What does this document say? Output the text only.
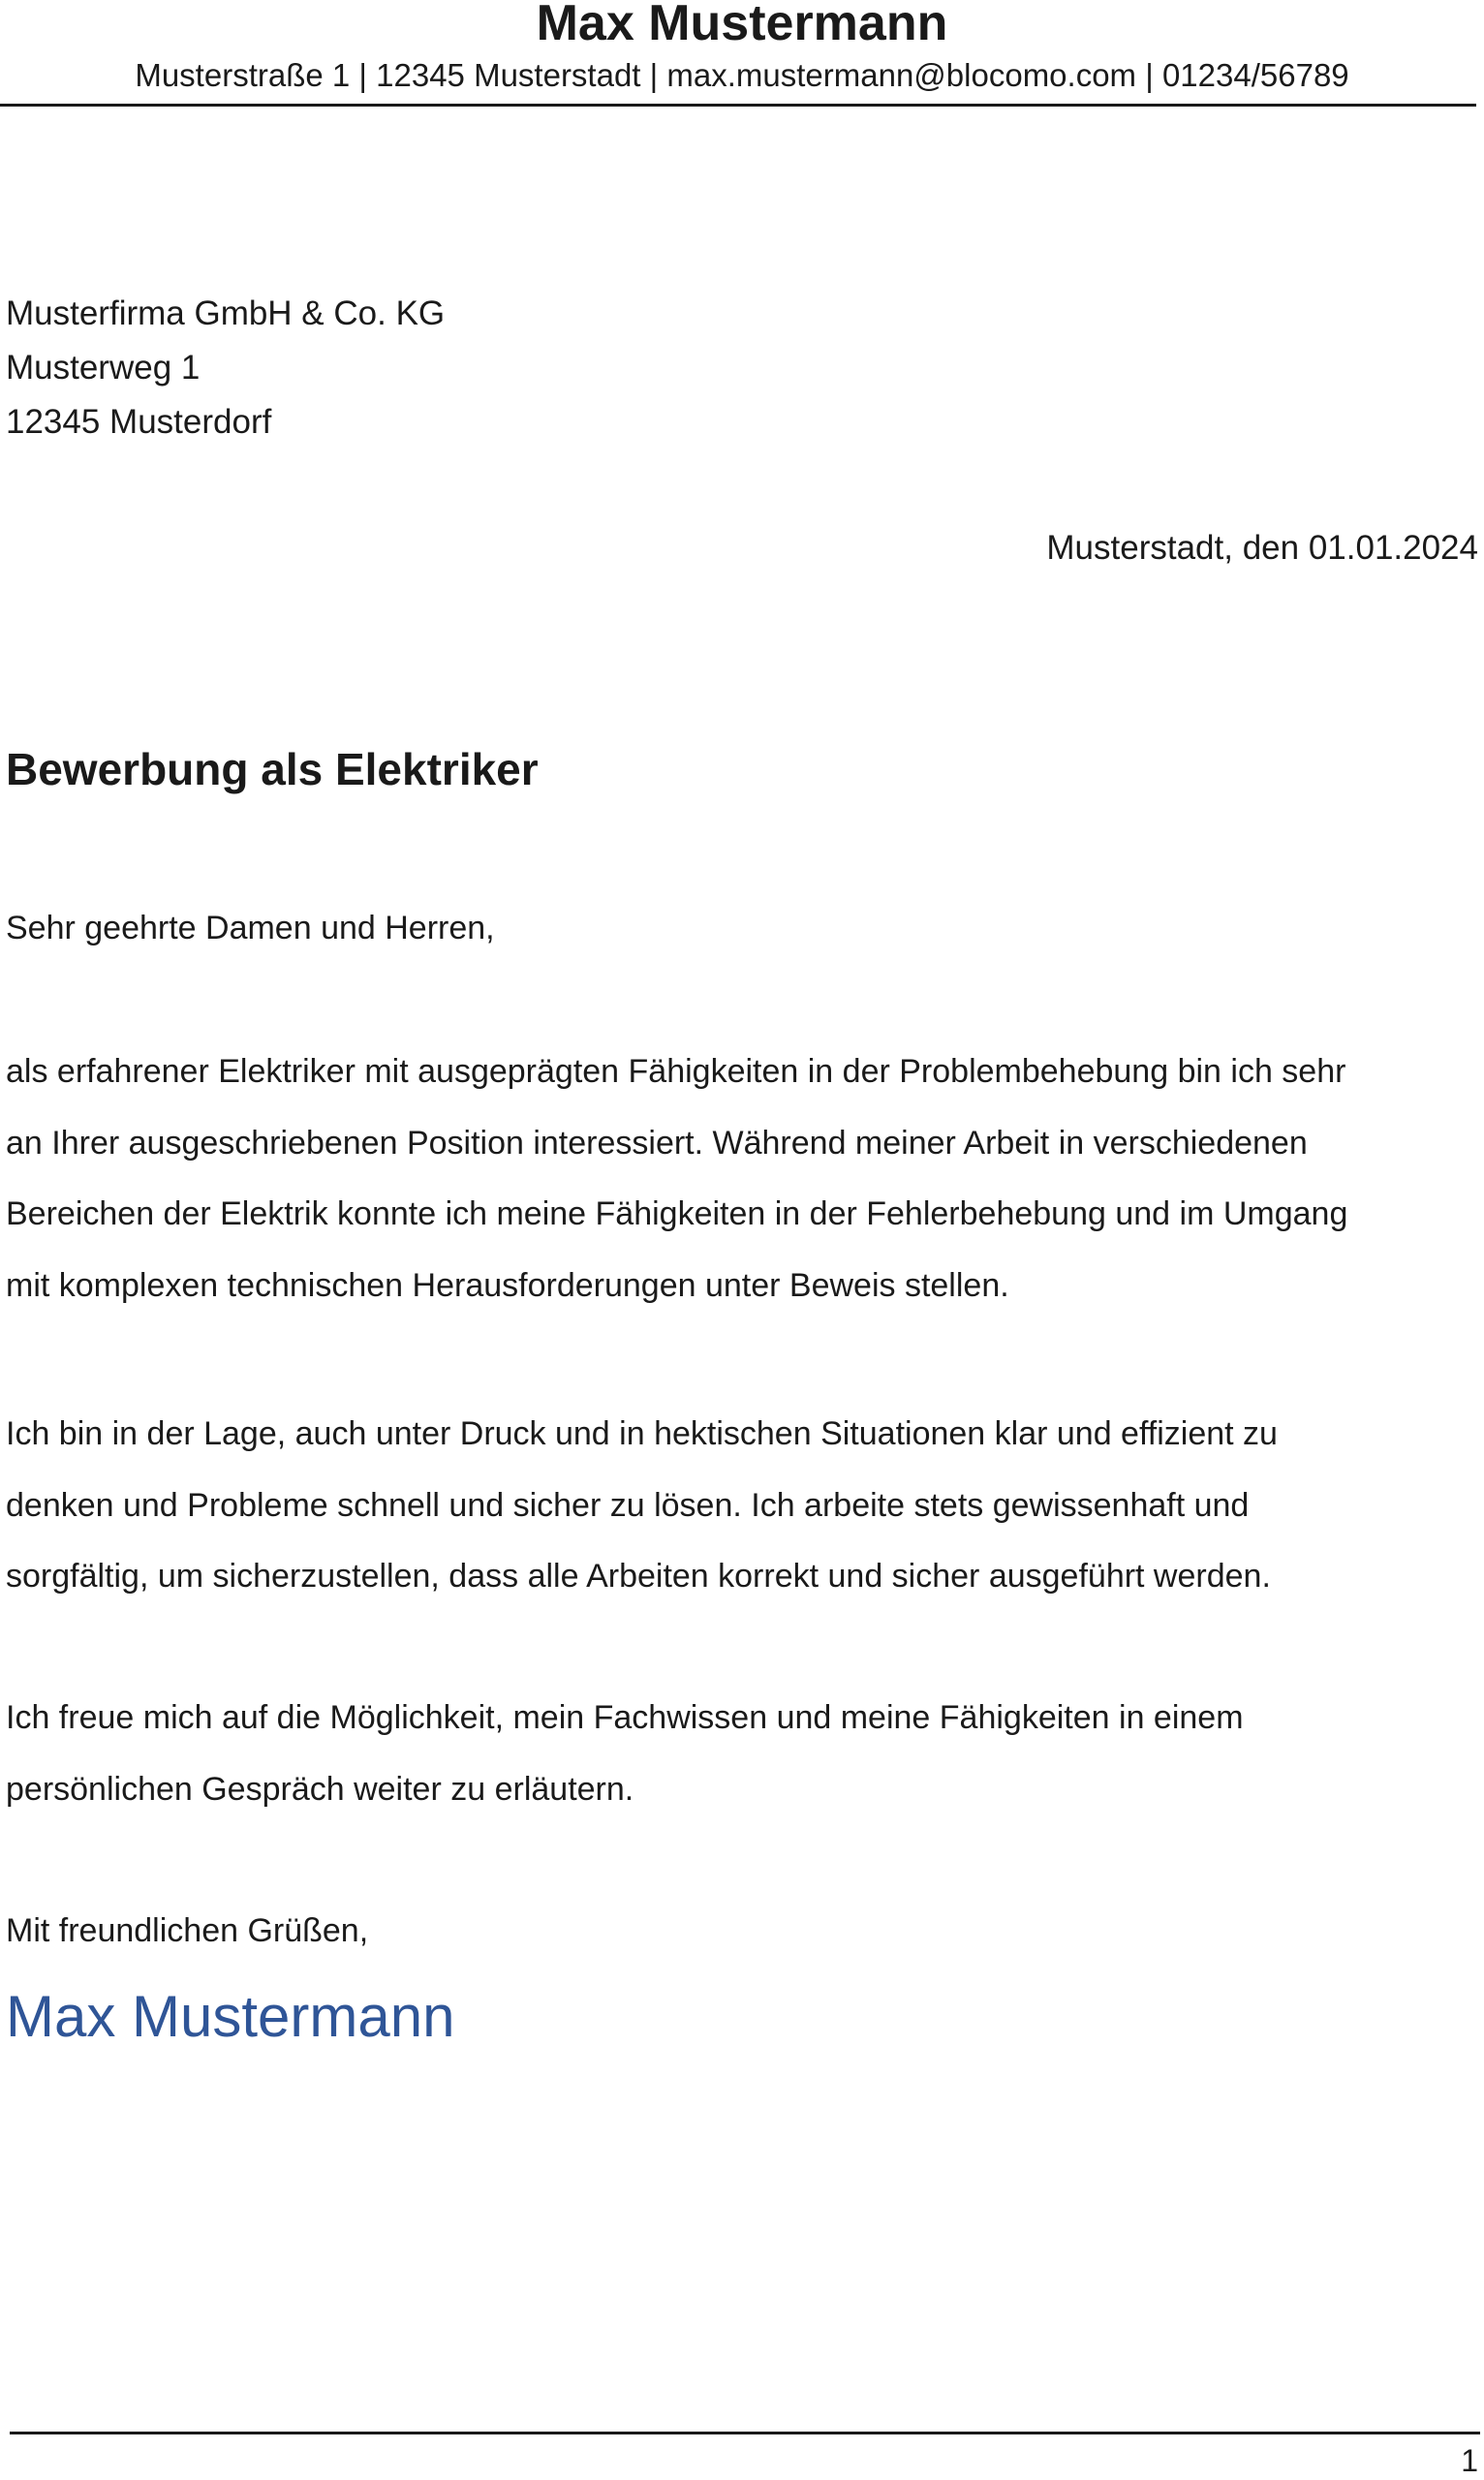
Max Mustermann
Musterstraße 1 | 12345 Musterstadt | max.mustermann@blocomo.com | 01234/56789
Musterfirma GmbH & Co. KG
Musterweg 1
12345 Musterdorf
Musterstadt, den 01.01.2024
Bewerbung als Elektriker
Sehr geehrte Damen und Herren,
als erfahrener Elektriker mit ausgeprägten Fähigkeiten in der Problembehebung bin ich sehr
an Ihrer ausgeschriebenen Position interessiert. Während meiner Arbeit in verschiedenen
Bereichen der Elektrik konnte ich meine Fähigkeiten in der Fehlerbehebung und im Umgang
mit komplexen technischen Herausforderungen unter Beweis stellen.
Ich bin in der Lage, auch unter Druck und in hektischen Situationen klar und effizient zu
denken und Probleme schnell und sicher zu lösen. Ich arbeite stets gewissenhaft und
sorgfältig, um sicherzustellen, dass alle Arbeiten korrekt und sicher ausgeführt werden.
Ich freue mich auf die Möglichkeit, mein Fachwissen und meine Fähigkeiten in einem
persönlichen Gespräch weiter zu erläutern.
Mit freundlichen Grüßen,
Max Mustermann
1
